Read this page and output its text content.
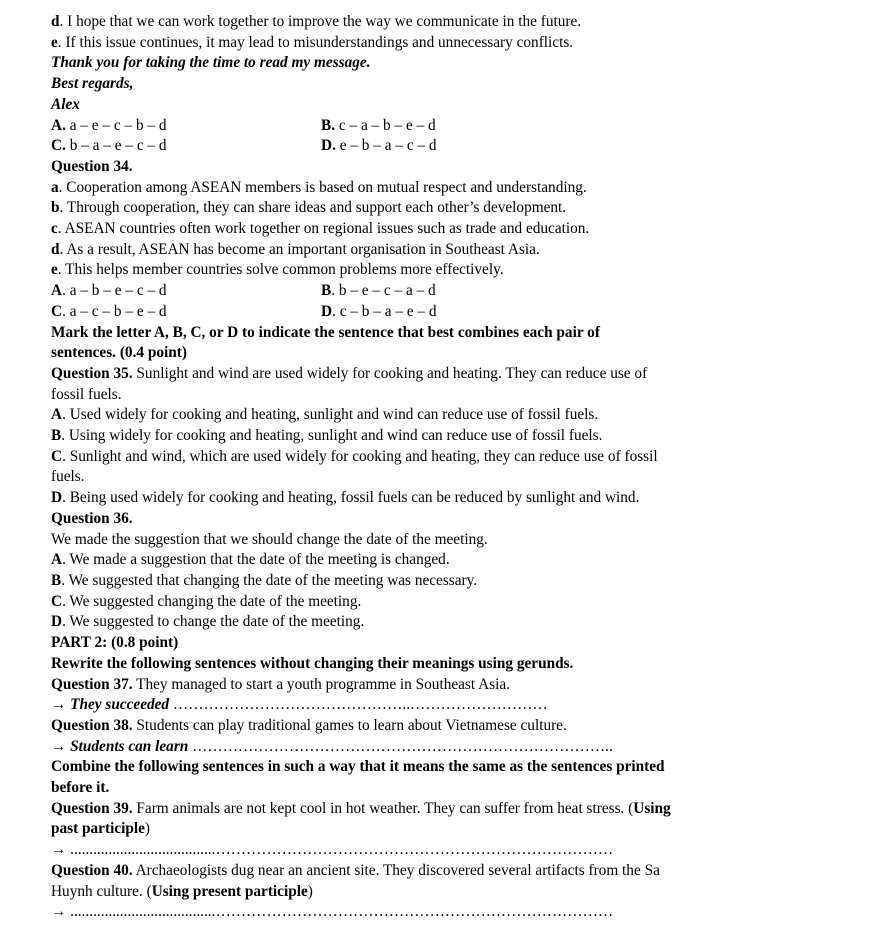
d. I hope that we can work together to improve the way we communicate in the future.
e. If this issue continues, it may lead to misunderstandings and unnecessary conflicts.
Thank you for taking the time to read my message.
Best regards,
Alex
A. a – e – c – b – d	B. c – a – b – e – d
C. b – a – e – c – d	D. e – b – a – c – d
Question 34.
a. Cooperation among ASEAN members is based on mutual respect and understanding.
b. Through cooperation, they can share ideas and support each other’s development.
c. ASEAN countries often work together on regional issues such as trade and education.
d. As a result, ASEAN has become an important organisation in Southeast Asia.
e. This helps member countries solve common problems more effectively.
A. a – b – e – c – d	B. b – e – c – a – d
C. a – c – b – e – d	D. c – b – a – e – d
Mark the letter A, B, C, or D to indicate the sentence that best combines each pair of
sentences. (0.4 point)
Question 35. Sunlight and wind are used widely for cooking and heating. They can reduce use of
fossil fuels.
A. Used widely for cooking and heating, sunlight and wind can reduce use of fossil fuels.
B. Using widely for cooking and heating, sunlight and wind can reduce use of fossil fuels.
C. Sunlight and wind, which are used widely for cooking and heating, they can reduce use of fossil
fuels.
D. Being used widely for cooking and heating, fossil fuels can be reduced by sunlight and wind.
Question 36.
We made the suggestion that we should change the date of the meeting.
A. We made a suggestion that the date of the meeting is changed.
B. We suggested that changing the date of the meeting was necessary.
C. We suggested changing the date of the meeting.
D. We suggested to change the date of the meeting.
PART 2: (0.8 point)
Rewrite the following sentences without changing their meanings using gerunds.
Question 37. They managed to start a youth programme in Southeast Asia.
→ They succeeded ………………………………………..………………………
Question 38. Students can play traditional games to learn about Vietnamese culture.
→ Students can learn ………………………………………………………………………..
Combine the following sentences in such a way that it means the same as the sentences printed
before it.
Question 39. Farm animals are not kept cool in hot weather. They can suffer from heat stress. (Using
past participle)
→ ......................................……………………………………………………………………
Question 40. Archaeologists dug near an ancient site. They discovered several artifacts from the Sa
Huynh culture. (Using present participle)
→ ......................................……………………………………………………………………
